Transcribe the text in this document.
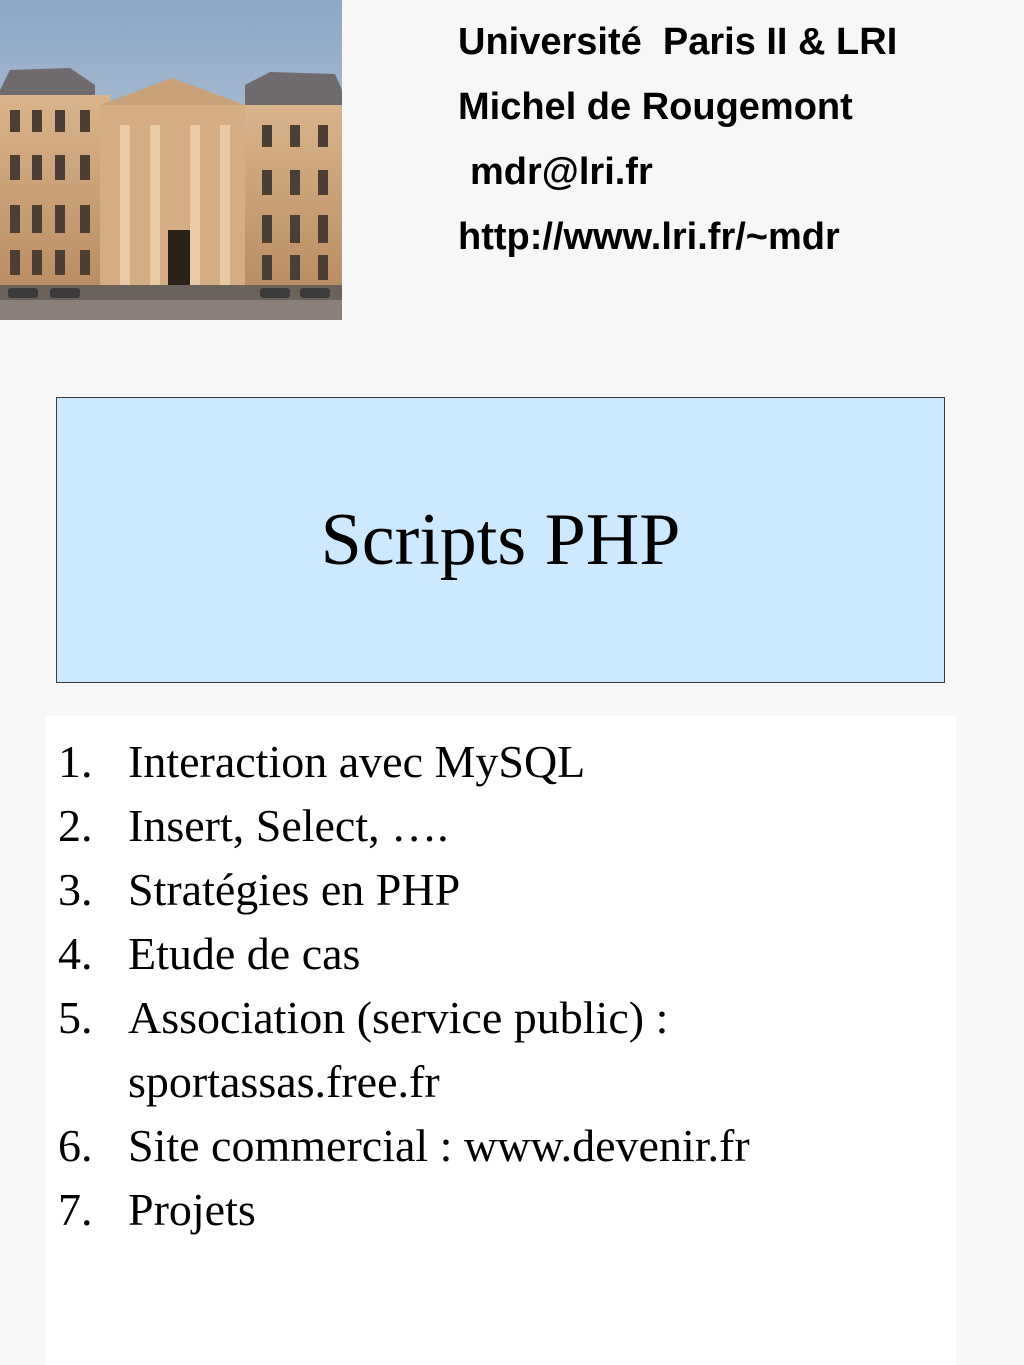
Université  Paris II & LRI
Michel de Rougemont
mdr@lri.fr
http://www.lri.fr/~mdr
Scripts PHP
1. Interaction avec MySQL
2. Insert, Select, ….
3. Stratégies en PHP
4. Etude de cas
5. Association (service public) : sportassas.free.fr
6. Site commercial : www.devenir.fr
7. Projets
